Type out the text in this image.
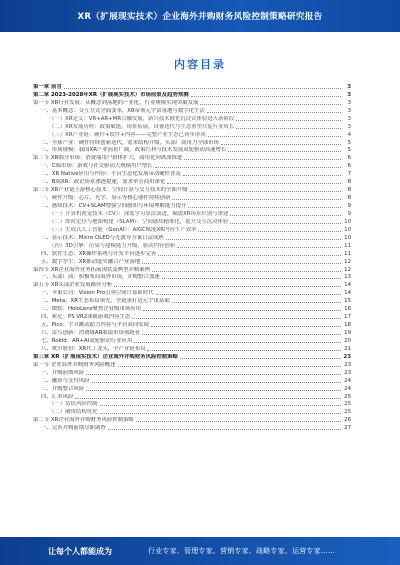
XR（扩展现实技术）企业海外并购财务风险控制策略研究报告
内容目录
第一章 前言	3
第二章 2023-2028年XR（扩展现实技术）市场前景及趋势预测	3
第一节 XR行业发展：从概念到落地的产业化，行业规模实现突破发展	3
一、基本概念：交互方式全面变革，XR带领元宇宙落地与数字化生活	3
（一）XR定义：VR+AR+MR合融发展，新兴技术催化沉浸式体验进入新阶段	3
（二）XR发展历程：政策赋能，场景拓展，设备迭代与生态重塑共促行业成长	3
（三）XR产业链：硬件+软件+内容——完整产业生态已初步形成	4
二、全球产业：硬件持续创新迭代，需求结构升级，头部厂商角力全球市场	5
三、市场规模：我国XR产业前景广阔，政策红利与技术发展双轮驱动高速增长	5
第二节 XR细分市场：消费端用户群体扩大，商用化向纵深推进	6
一、C端市场：游戏与社交驱动大规模用户增长	6
二、XR Native应用与内容：平台生态化发展带动硬件普及	7
三、B端XR：政企场景渗透提速，需求牵引商用深化	8
第三节 XR产业链上游核心技术：空间计算与交互技术的全面升级	8
一、硬件升级：芯片、光学、显示等核心器件持续创新	8
二、感知技术：CV+SLAM增强空间感知与环境理解能力提升	9
（一）计算机视觉技术（CV）：深度学习算法演进，赋能XR场景识别与重建	9
（二）即时定位与地图构建（SLAM）：空间感知精准化，提升交互沉浸体验	10
（三）生成式人工智能（GenAI）：AIGC赋能XR内容生产效率	10
三、显示技术：Micro OLED与光波导方案日益成熟	10
（四）3D引擎：渲染与建模能力升级，驱动内容创新	11
四、软件生态：XR操作系统与开发平台逐步完善	11
五、数字孪生：XR推动虚实融合产业落地	12
第四节 XR企业海外业务拓展现状及典型并购案例	12
一、头部厂商：积极布局海外市场，并购整合加速	13
第五节 XR头部企业发展路径分析	14
一、苹果公司：Vision Pro引领空间计算新时代	14
二、Meta：XR生态布局领先，全链条打造元宇宙基础	15
三、微软：HoloLens聚焦企业级市场应用	16
四、索尼：PS VR2深耕游戏内容生态	17
五、Pico：字节跳动助力内容与平台双向发展	18
六、雷鸟创新：消费级AR眼镜市场领跑者	19
七、Rokid：AR+AI双轮驱动行业应用	20
八、歌尔股份：XR代工龙头，全产业链布局	21
第三章 XR（扩展现实技术）企业海外并购财务风险控制策略	23
第一节 企业海外并购财务风险概述	23
一、并购前期风险	23
二、融资与支付风险	24
三、并购整合风险	24
四、汇率风险	25
（一）估值风险控制	25
（二）融资结构优化	25
第二节 XR企业海外并购财务风险控制策略	26
一、完善并购前期尽职调查	27
让每个人都能成为	行业专家、管理专家、营销专家、战略专家、运营专家……
